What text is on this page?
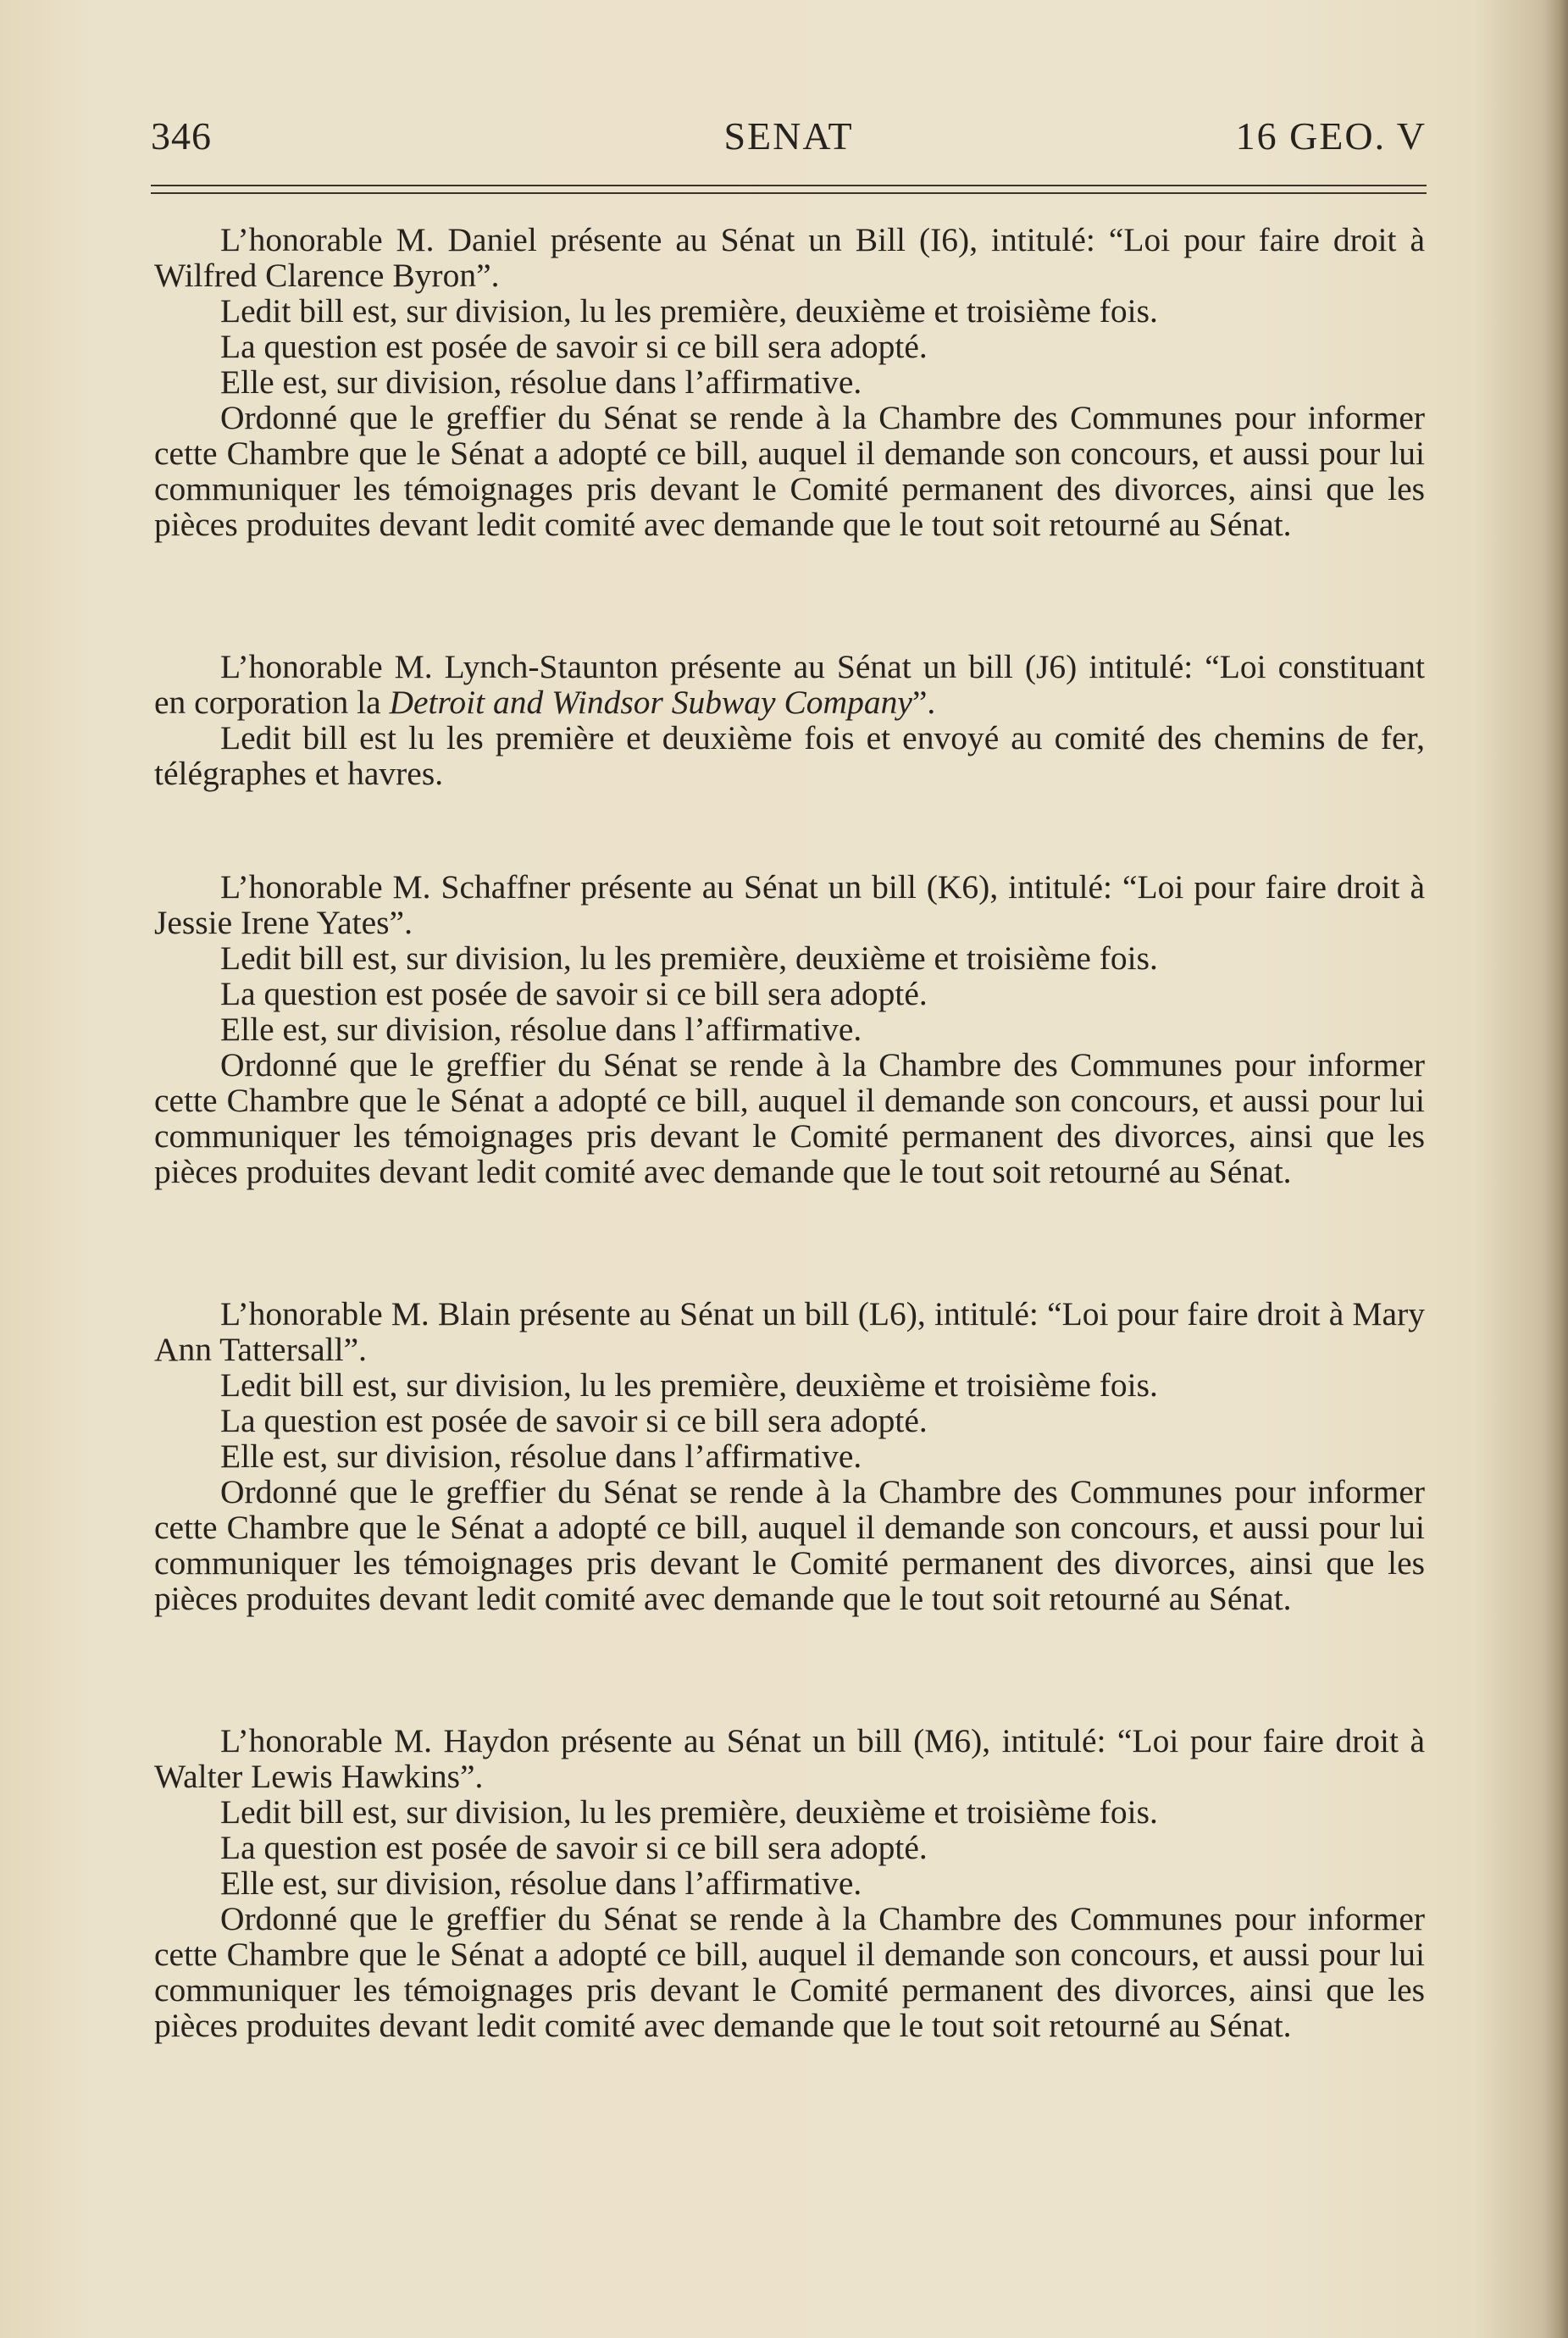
346	SENAT	16 GEO. V

L’honorable M. Daniel présente au Sénat un Bill (I6), intitulé: “Loi pour faire droit à Wilfred Clarence Byron”.

Ledit bill est, sur division, lu les première, deuxième et troisième fois.

La question est posée de savoir si ce bill sera adopté.

Elle est, sur division, résolue dans l’affirmative.

Ordonné que le greffier du Sénat se rende à la Chambre des Communes pour informer cette Chambre que le Sénat a adopté ce bill, auquel il demande son concours, et aussi pour lui communiquer les témoignages pris devant le Comité permanent des divorces, ainsi que les pièces produites devant ledit comité avec demande que le tout soit retourné au Sénat.

L’honorable M. Lynch-Staunton présente au Sénat un bill (J6) intitulé: “Loi constituant en corporation la Detroit and Windsor Subway Company”.

Ledit bill est lu les première et deuxième fois et envoyé au comité des chemins de fer, télégraphes et havres.

L’honorable M. Schaffner présente au Sénat un bill (K6), intitulé: “Loi pour faire droit à Jessie Irene Yates”.

Ledit bill est, sur division, lu les première, deuxième et troisième fois.

La question est posée de savoir si ce bill sera adopté.

Elle est, sur division, résolue dans l’affirmative.

Ordonné que le greffier du Sénat se rende à la Chambre des Communes pour informer cette Chambre que le Sénat a adopté ce bill, auquel il demande son concours, et aussi pour lui communiquer les témoignages pris devant le Comité permanent des divorces, ainsi que les pièces produites devant ledit comité avec demande que le tout soit retourné au Sénat.

L’honorable M. Blain présente au Sénat un bill (L6), intitulé: “Loi pour faire droit à Mary Ann Tattersall”.

Ledit bill est, sur division, lu les première, deuxième et troisième fois.

La question est posée de savoir si ce bill sera adopté.

Elle est, sur division, résolue dans l’affirmative.

Ordonné que le greffier du Sénat se rende à la Chambre des Communes pour informer cette Chambre que le Sénat a adopté ce bill, auquel il demande son concours, et aussi pour lui communiquer les témoignages pris devant le Comité permanent des divorces, ainsi que les pièces produites devant ledit comité avec demande que le tout soit retourné au Sénat.

L’honorable M. Haydon présente au Sénat un bill (M6), intitulé: “Loi pour faire droit à Walter Lewis Hawkins”.

Ledit bill est, sur division, lu les première, deuxième et troisième fois.

La question est posée de savoir si ce bill sera adopté.

Elle est, sur division, résolue dans l’affirmative.

Ordonné que le greffier du Sénat se rende à la Chambre des Communes pour informer cette Chambre que le Sénat a adopté ce bill, auquel il demande son concours, et aussi pour lui communiquer les témoignages pris devant le Comité permanent des divorces, ainsi que les pièces produites devant ledit comité avec demande que le tout soit retourné au Sénat.
